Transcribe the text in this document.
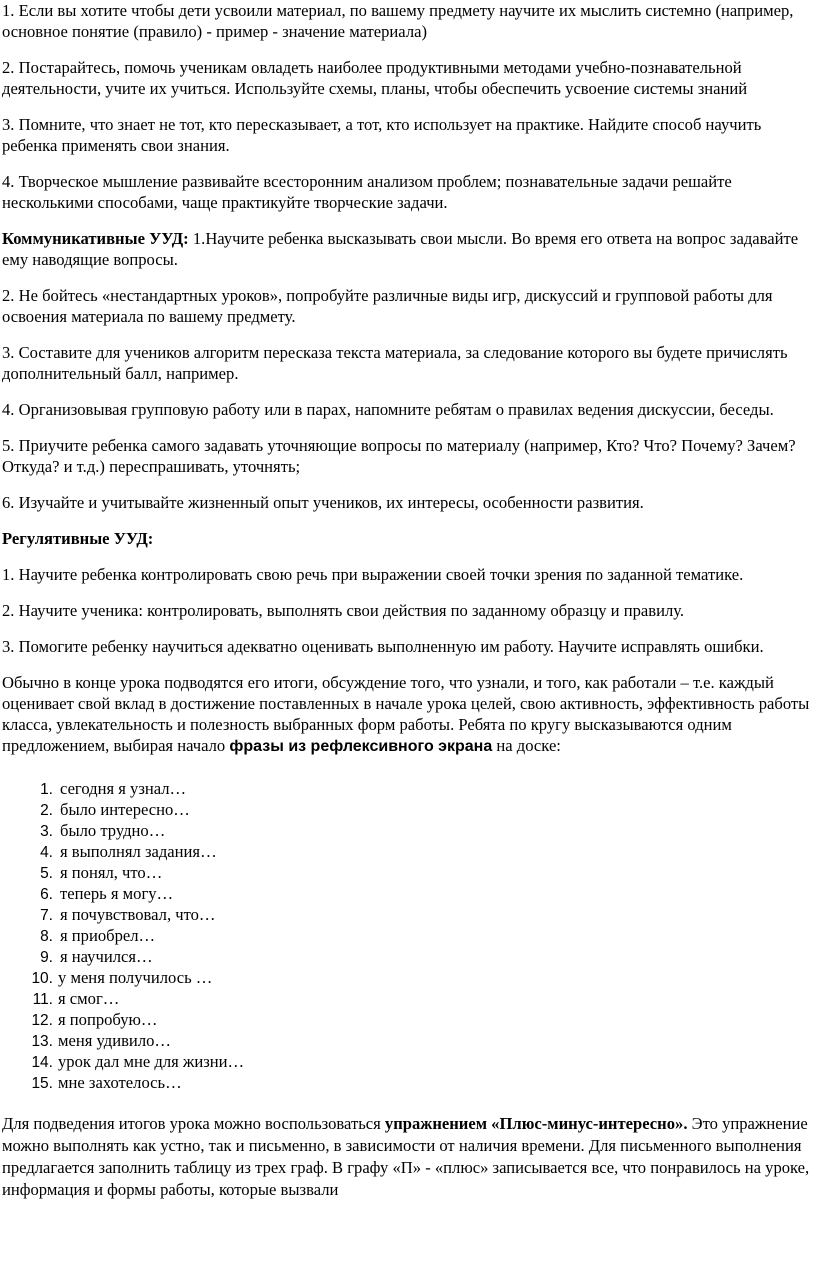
1. Если вы хотите чтобы дети усвоили материал, по вашему предмету научите их мыслить системно (например, основное понятие (правило) - пример - значение материала)

2. Постарайтесь, помочь ученикам овладеть наиболее продуктивными методами учебно-познавательной деятельности, учите их учиться. Используйте схемы, планы, чтобы обеспечить усвоение системы знаний

3. Помните, что знает не тот, кто пересказывает, а тот, кто использует на практике. Найдите способ научить ребенка применять свои знания.

4. Творческое мышление развивайте всесторонним анализом проблем; познавательные задачи решайте несколькими способами, чаще практикуйте творческие задачи.

Коммуникативные УУД: 1.Научите ребенка высказывать свои мысли. Во время его ответа на вопрос задавайте ему наводящие вопросы.

2. Не бойтесь «нестандартных уроков», попробуйте различные виды игр, дискуссий и групповой работы для освоения материала по вашему предмету.

3. Составите для учеников алгоритм пересказа текста материала, за следование которого вы будете причислять дополнительный балл, например.

4. Организовывая групповую работу или в парах, напомните ребятам о правилах ведения дискуссии, беседы.

5. Приучите ребенка самого задавать уточняющие вопросы по материалу (например, Кто? Что? Почему? Зачем? Откуда? и т.д.) переспрашивать, уточнять;

6. Изучайте и учитывайте жизненный опыт учеников, их интересы, особенности развития.

Регулятивные УУД:

1. Научите ребенка контролировать свою речь при выражении своей точки зрения по заданной тематике.

2. Научите ученика: контролировать, выполнять свои действия по заданному образцу и правилу.

3. Помогите ребенку научиться адекватно оценивать выполненную им работу. Научите исправлять ошибки.

Обычно в конце урока подводятся его итоги, обсуждение того, что узнали, и того, как работали – т.е. каждый оценивает свой вклад в достижение поставленных в начале урока целей, свою активность, эффективность работы класса, увлекательность и полезность выбранных форм работы. Ребята по кругу высказываются одним предложением, выбирая начало фразы из рефлексивного экрана на доске:

1. сегодня я узнал…
2. было интересно…
3. было трудно…
4. я выполнял задания…
5. я понял, что…
6. теперь я могу…
7. я почувствовал, что…
8. я приобрел…
9. я научился…
10. у меня получилось …
11. я смог…
12. я попробую…
13. меня удивило…
14. урок дал мне для жизни…
15. мне захотелось…

Для подведения итогов урока можно воспользоваться упражнением «Плюс-минус-интересно». Это упражнение можно выполнять как устно, так и письменно, в зависимости от наличия времени. Для письменного выполнения предлагается заполнить таблицу из трех граф. В графу «П» - «плюс» записывается все, что понравилось на уроке, информация и формы работы, которые вызвали
